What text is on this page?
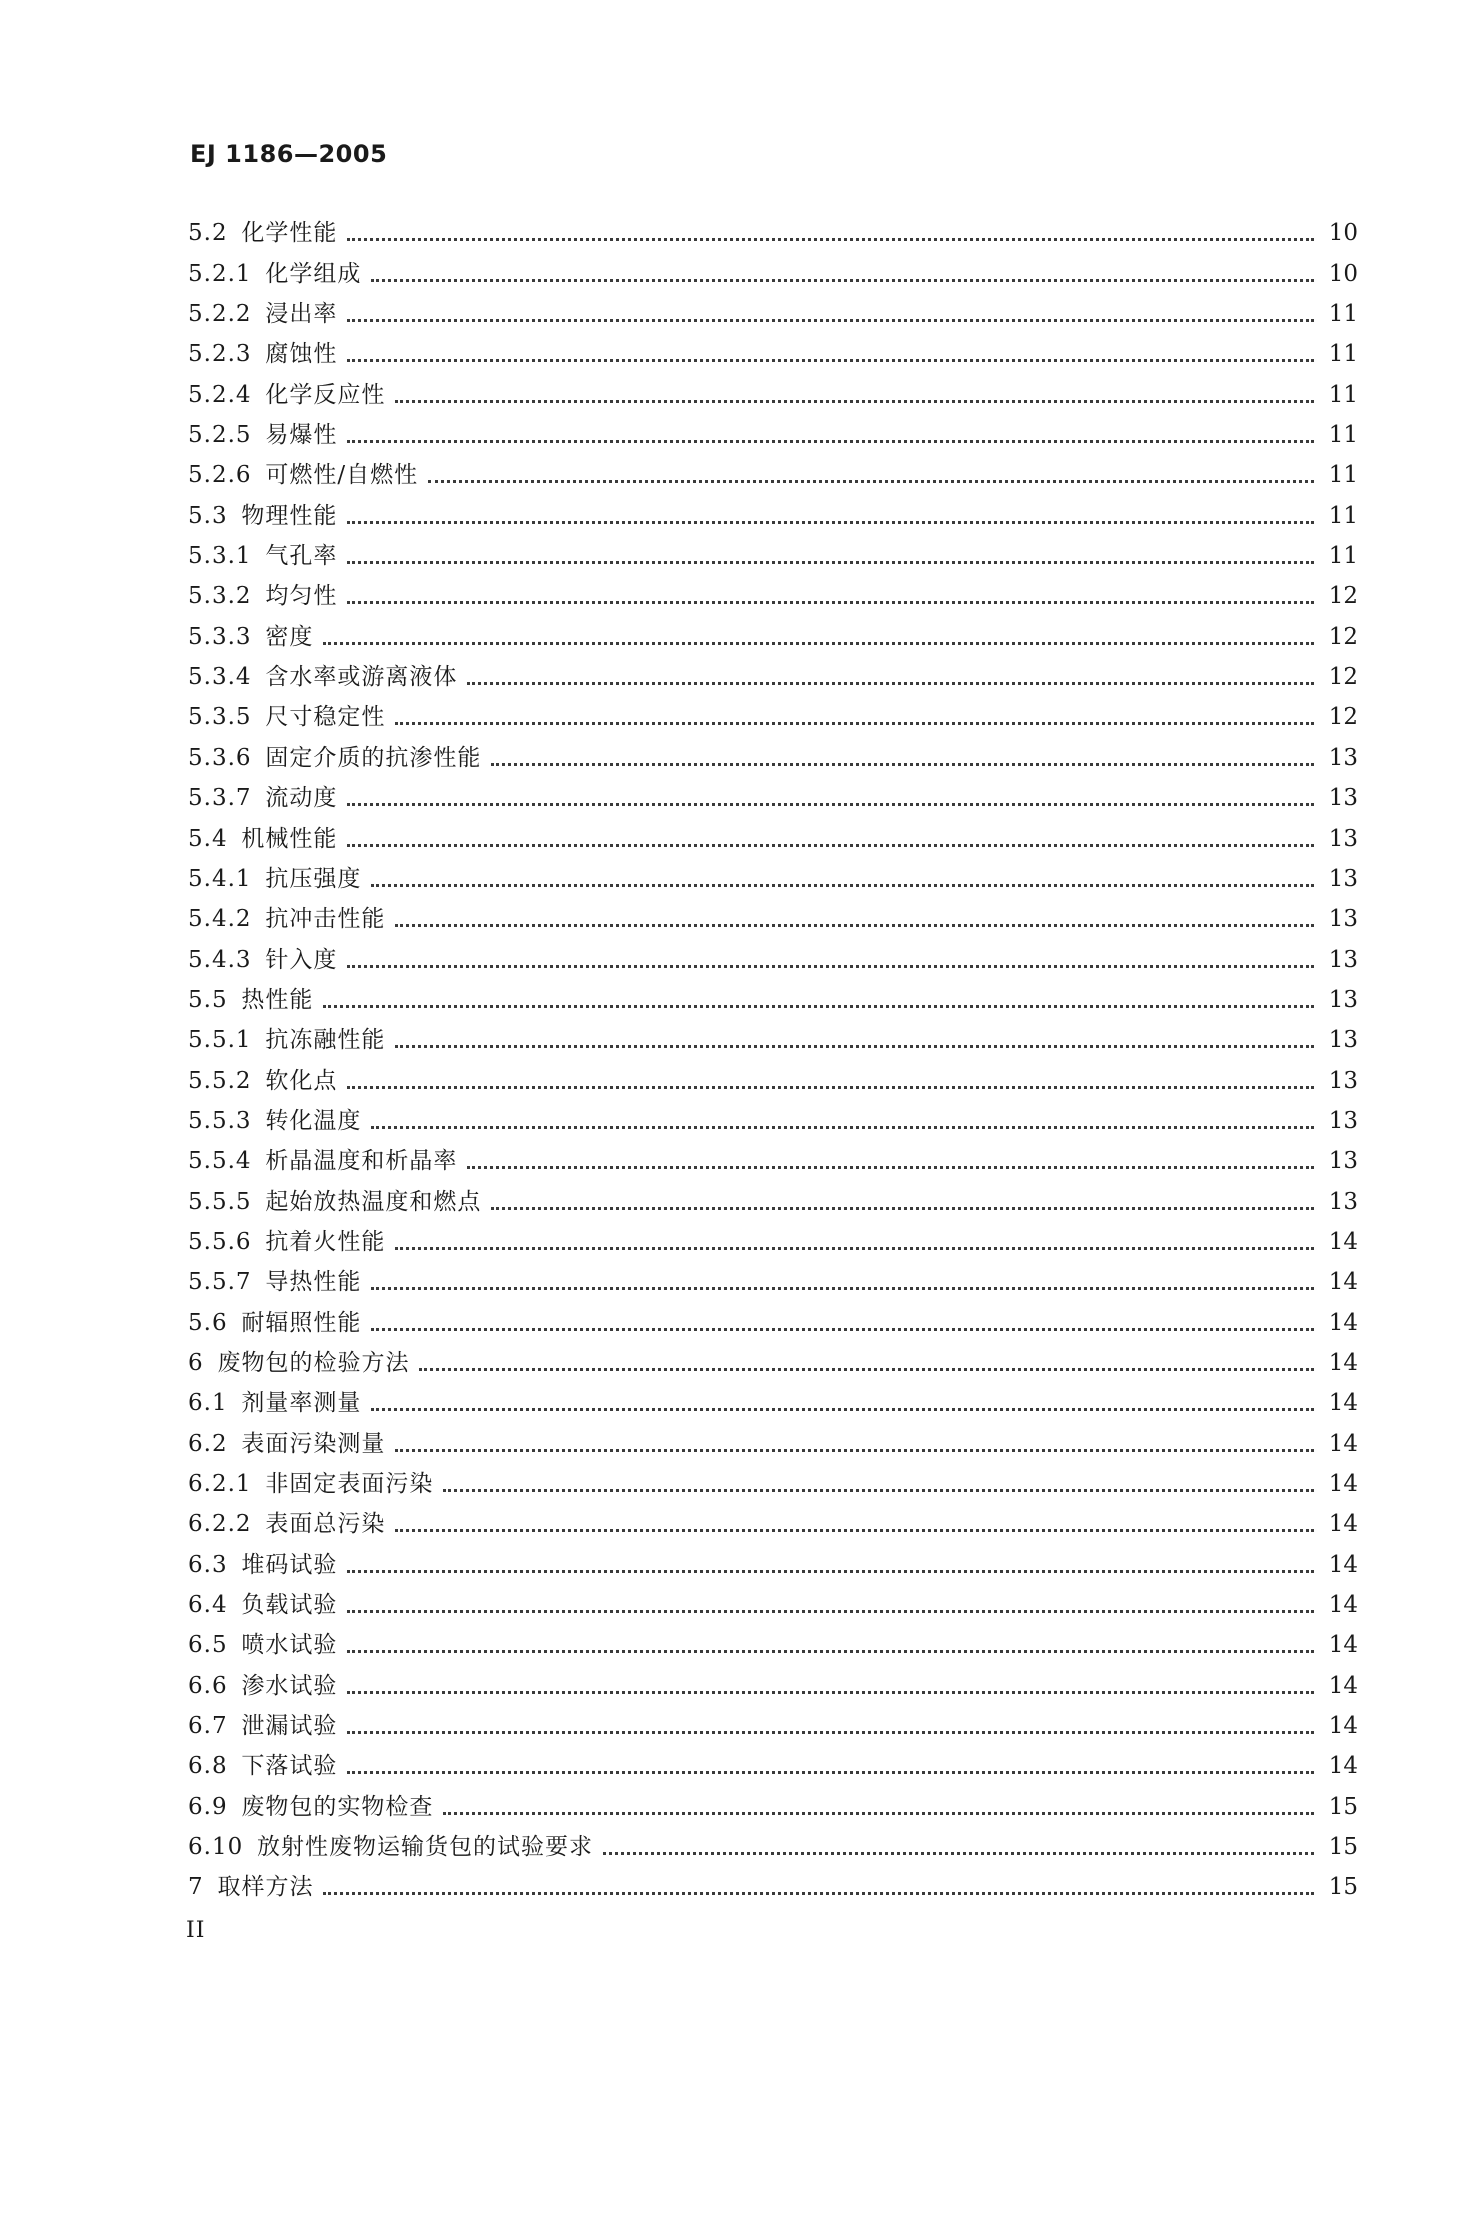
EJ 1186—2005
5.2 化学性能	10
5.2.1 化学组成	10
5.2.2 浸出率	11
5.2.3 腐蚀性	11
5.2.4 化学反应性	11
5.2.5 易爆性	11
5.2.6 可燃性/自燃性	11
5.3 物理性能	11
5.3.1 气孔率	11
5.3.2 均匀性	12
5.3.3 密度	12
5.3.4 含水率或游离液体	12
5.3.5 尺寸稳定性	12
5.3.6 固定介质的抗渗性能	13
5.3.7 流动度	13
5.4 机械性能	13
5.4.1 抗压强度	13
5.4.2 抗冲击性能	13
5.4.3 针入度	13
5.5 热性能	13
5.5.1 抗冻融性能	13
5.5.2 软化点	13
5.5.3 转化温度	13
5.5.4 析晶温度和析晶率	13
5.5.5 起始放热温度和燃点	13
5.5.6 抗着火性能	14
5.5.7 导热性能	14
5.6 耐辐照性能	14
6 废物包的检验方法	14
6.1 剂量率测量	14
6.2 表面污染测量	14
6.2.1 非固定表面污染	14
6.2.2 表面总污染	14
6.3 堆码试验	14
6.4 负载试验	14
6.5 喷水试验	14
6.6 渗水试验	14
6.7 泄漏试验	14
6.8 下落试验	14
6.9 废物包的实物检查	15
6.10 放射性废物运输货包的试验要求	15
7 取样方法	15
II
